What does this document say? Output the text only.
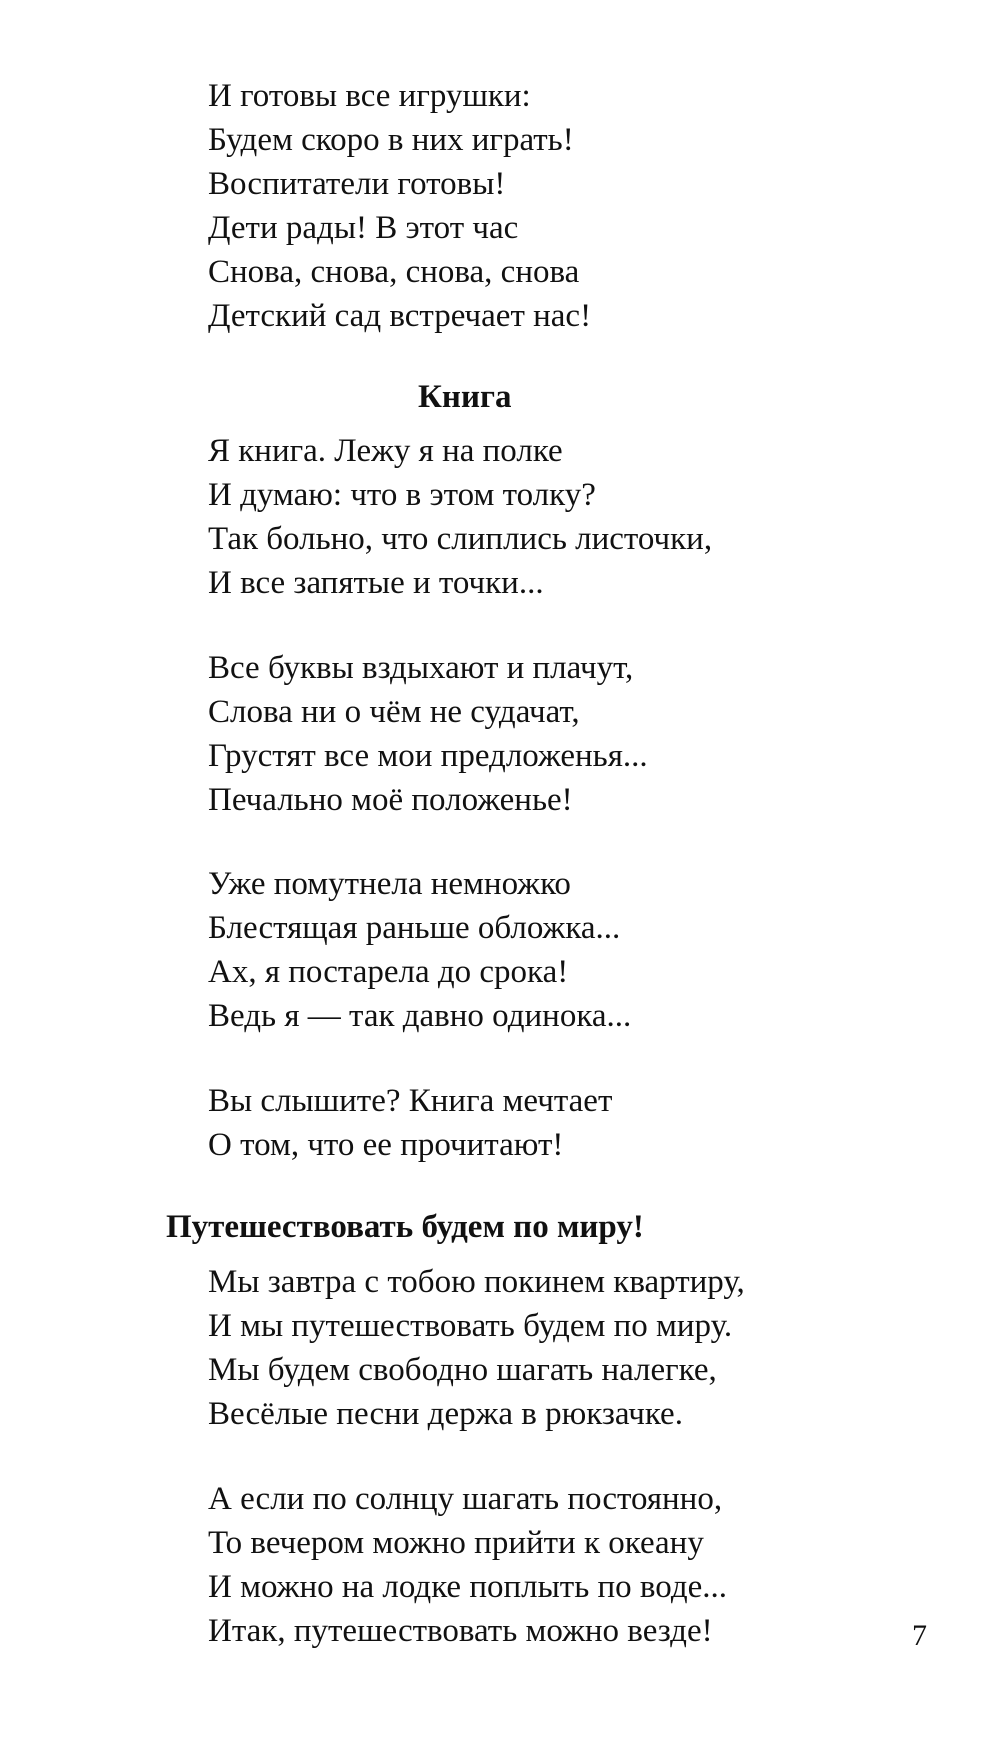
И готовы все игрушки:
Будем скоро в них играть!
Воспитатели готовы!
Дети рады! В этот час
Снова, снова, снова, снова
Детский сад встречает нас!
Книга
Я книга. Лежу я на полке
И думаю: что в этом толку?
Так больно, что слиплись листочки,
И все запятые и точки...
Все буквы вздыхают и плачут,
Слова ни о чём не судачат,
Грустят все мои предложенья...
Печально моё положенье!
Уже помутнела немножко
Блестящая раньше обложка...
Ах, я постарела до срока!
Ведь я — так давно одинока...
Вы слышите? Книга мечтает
О том, что ее прочитают!
Путешествовать будем по миру!
Мы завтра с тобою покинем квартиру,
И мы путешествовать будем по миру.
Мы будем свободно шагать налегке,
Весёлые песни держа в рюкзачке.
А если по солнцу шагать постоянно,
То вечером можно прийти к океану
И можно на лодке поплыть по воде...
Итак, путешествовать можно везде!	7
